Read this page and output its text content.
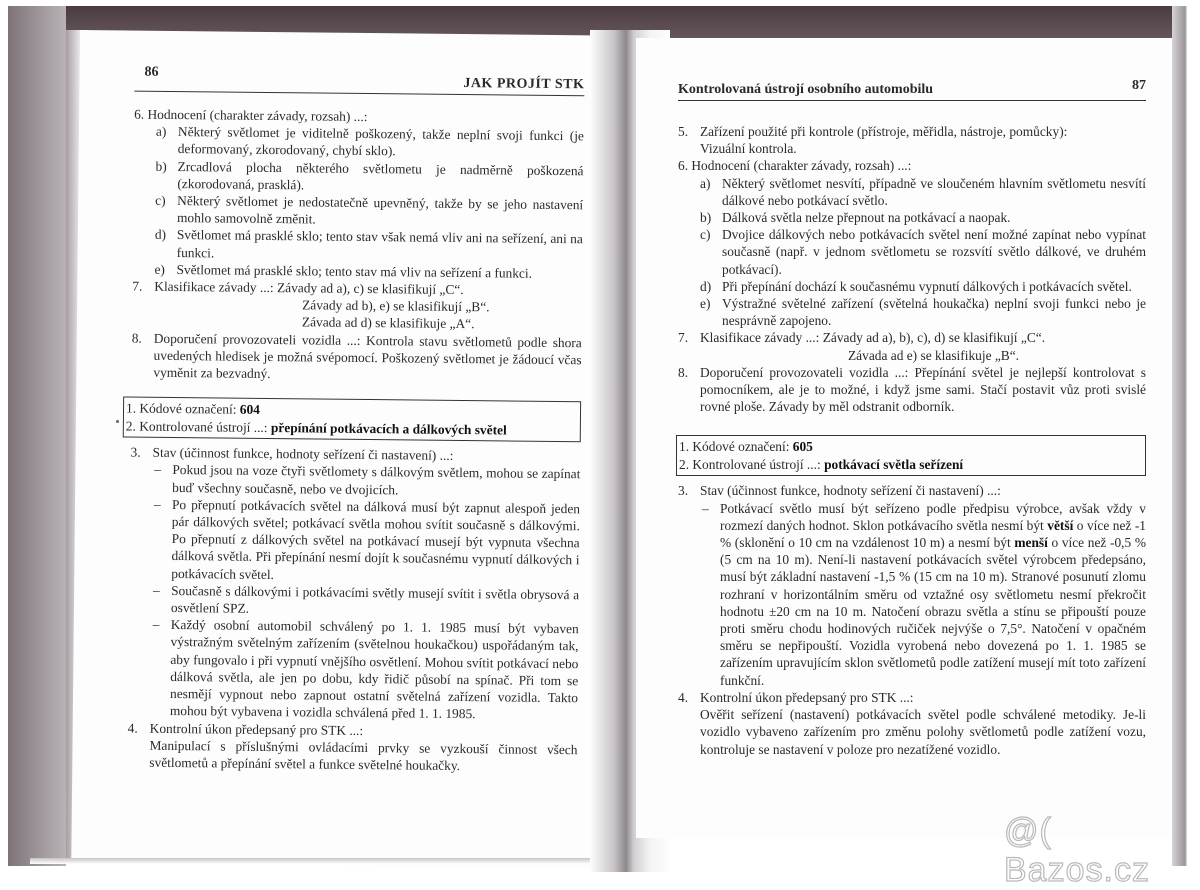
86
JAK PROJÍT STK
6. Hodnocení (charakter závady, rozsah) ...:
a) Některý světlomet je viditelně poškozený, takže neplní svoji funkci (je deformovaný, zkorodovaný, chybí sklo).
b) Zrcadlová plocha některého světlometu je nadměrně poškozená (zkorodovaná, prasklá).
c) Některý světlomet je nedostatečně upevněný, takže by se jeho nastavení mohlo samovolně změnit.
d) Světlomet má prasklé sklo; tento stav však nemá vliv ani na seřízení, ani na funkci.
e) Světlomet má prasklé sklo; tento stav má vliv na seřízení a funkci.
7. Klasifikace závady ...: Závady ad a), c) se klasifikují „C“.
Závady ad b), e) se klasifikují „B“.
Závada ad d) se klasifikuje „A“.
8. Doporučení provozovateli vozidla ...: Kontrola stavu světlometů podle shora uvedených hledisek je možná svépomocí. Poškozený světlomet je žádoucí včas vyměnit za bezvadný.
1. Kódové označení: 604
2. Kontrolované ústrojí ...: přepínání potkávacích a dálkových světel
3. Stav (účinnost funkce, hodnoty seřízení či nastavení) ...:
– Pokud jsou na voze čtyři světlomety s dálkovým světlem, mohou se zapínat buď všechny současně, nebo ve dvojicích.
– Po přepnutí potkávacích světel na dálková musí být zapnut alespoň jeden pár dálkových světel; potkávací světla mohou svítit současně s dálkovými. Po přepnutí z dálkových světel na potkávací musejí být vypnuta všechna dálková světla. Při přepínání nesmí dojít k současnému vypnutí dálkových i potkávacích světel.
– Současně s dálkovými i potkávacími světly musejí svítit i světla obrysová a osvětlení SPZ.
– Každý osobní automobil schválený po 1. 1. 1985 musí být vybaven výstražným světelným zařízením (světelnou houkačkou) uspořádaným tak, aby fungovalo i při vypnutí vnějšího osvětlení. Mohou svítit potkávací nebo dálková světla, ale jen po dobu, kdy řidič působí na spínač. Při tom se nesmějí vypnout nebo zapnout ostatní světelná zařízení vozidla. Takto mohou být vybavena i vozidla schválená před 1. 1. 1985.
4. Kontrolní úkon předepsaný pro STK ...:
Manipulací s příslušnými ovládacími prvky se vyzkouší činnost všech světlometů a přepínání světel a funkce světelné houkačky.
Kontrolovaná ústrojí osobního automobilu	87
5. Zařízení použité při kontrole (přístroje, měřidla, nástroje, pomůcky):
Vizuální kontrola.
6. Hodnocení (charakter závady, rozsah) ...:
a) Některý světlomet nesvítí, případně ve sloučeném hlavním světlometu nesvítí dálkové nebo potkávací světlo.
b) Dálková světla nelze přepnout na potkávací a naopak.
c) Dvojice dálkových nebo potkávacích světel není možné zapínat nebo vypínat současně (např. v jednom světlometu se rozsvítí světlo dálkové, ve druhém potkávací).
d) Při přepínání dochází k současnému vypnutí dálkových i potkávacích světel.
e) Výstražné světelné zařízení (světelná houkačka) neplní svoji funkci nebo je nesprávně zapojeno.
7. Klasifikace závady ...: Závady ad a), b), c), d) se klasifikují „C“.
Závada ad e) se klasifikuje „B“.
8. Doporučení provozovateli vozidla ...: Přepínání světel je nejlepší kontrolovat s pomocníkem, ale je to možné, i když jsme sami. Stačí postavit vůz proti svislé rovné ploše. Závady by měl odstranit odborník.
1. Kódové označení: 605
2. Kontrolované ústrojí ...: potkávací světla seřízení
3. Stav (účinnost funkce, hodnoty seřízení či nastavení) ...:
– Potkávací světlo musí být seřízeno podle předpisu výrobce, avšak vždy v rozmezí daných hodnot. Sklon potkávacího světla nesmí být větší o více než -1 % (sklonění o 10 cm na vzdálenost 10 m) a nesmí být menší o více než -0,5 % (5 cm na 10 m). Není-li nastavení potkávacích světel výrobcem předepsáno, musí být základní nastavení -1,5 % (15 cm na 10 m). Stranové posunutí zlomu rozhraní v horizontálním směru od vztažné osy světlometu nesmí překročit hodnotu ±20 cm na 10 m. Natočení obrazu světla a stínu se připouští pouze proti směru chodu hodinových ručiček nejvýše o 7,5°. Natočení v opačném směru se nepřipouští. Vozidla vyrobená nebo dovezená po 1. 1. 1985 se zařízením upravujícím sklon světlometů podle zatížení musejí mít toto zařízení funkční.
4. Kontrolní úkon předepsaný pro STK ...:
Ověřit seřízení (nastavení) potkávacích světel podle schválené metodiky. Je-li vozidlo vybaveno zařízením pro změnu polohy světlometů podle zatížení vozu, kontroluje se nastavení v poloze pro nezatížené vozidlo.
@( Bazos.cz
